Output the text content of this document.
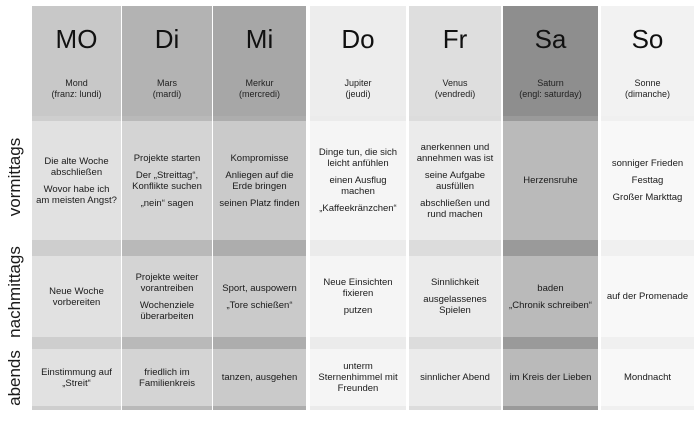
vormittags
nachmittags
abends
MO
Mond
(franz: lundi)
Die alte Woche abschließen
Wovor habe ich am meisten Angst?
Neue Woche vorbereiten
Einstimmung auf „Streit“
Di
Mars
(mardi)
Projekte starten
Der „Streittag“, Konflikte suchen
„nein“ sagen
Projekte weiter vorantreiben
Wochenziele überarbeiten
friedlich im Familienkreis
Mi
Merkur
(mercredi)
Kompromisse
Anliegen auf die Erde bringen
seinen Platz finden
Sport, auspowern
„Tore schießen“
tanzen, ausgehen
Do
Jupiter
(jeudi)
Dinge tun, die sich leicht anfühlen
einen Ausflug machen
„Kaffeekränzchen“
Neue Einsichten fixieren
putzen
unterm Sternenhimmel mit Freunden
Fr
Venus
(vendredi)
anerkennen und annehmen was ist
seine Aufgabe ausfüllen
abschließen und rund machen
Sinnlichkeit
ausgelassenes Spielen
sinnlicher Abend
Sa
Saturn
(engl: saturday)
Herzensruhe
baden
„Chronik schreiben“
im Kreis der Lieben
So
Sonne
(dimanche)
sonniger Frieden
Festtag
Großer Markttag
auf der Promenade
Mondnacht
